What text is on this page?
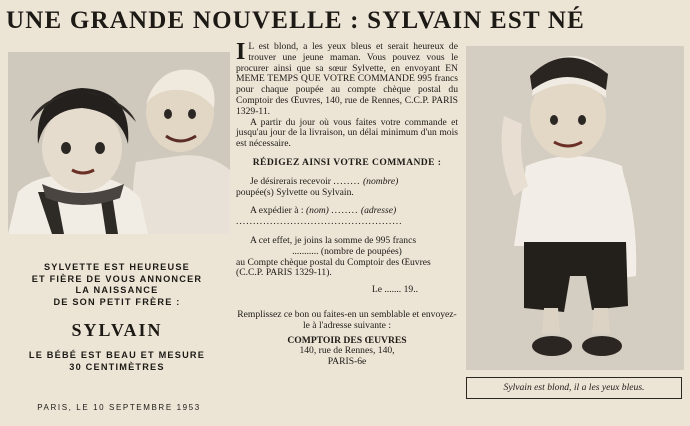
UNE GRANDE NOUVELLE : SYLVAIN EST NÉ
SYLVETTE EST HEUREUSE
ET FIÈRE DE VOUS ANNONCER
LA NAISSANCE
DE SON PETIT FRÈRE :
SYLVAIN
LE BÉBÉ EST BEAU ET MESURE
30 CENTIMÈTRES
PARIS, LE 10 SEPTEMBRE 1953

I L est blond, a les yeux bleus et serait heureux de trouver une jeune maman. Vous pouvez vous le procurer ainsi que sa sœur Sylvette, en envoyant EN MEME TEMPS QUE VOTRE COMMANDE 995 francs pour chaque poupée au compte chèque postal du Comptoir des Œuvres, 140, rue de Rennes, C.C.P. PARIS 1329-11.

A partir du jour où vous faites votre commande et jusqu'au jour de la livraison, un délai minimum d'un mois est nécessaire.

RÉDIGEZ AINSI VOTRE COMMANDE :

Je désirerais recevoir ........ (nombre)

poupée(s) Sylvette ou Sylvain.

A expédier à : (nom) ........ (adresse)

.................................................

A cet effet, je joins la somme de 995 francs

........... (nombre de poupées)

au Compte chèque postal du Comptoir des Œuvres (C.C.P. PARIS 1329-11).

Le ....... 19..

Remplissez ce bon ou faites-en un semblable et envoyez-le à l'adresse suivante :

COMPTOIR DES ŒUVRES

140, rue de Rennes, 140,

PARIS-6e

Sylvain est blond, il a les yeux bleus.
